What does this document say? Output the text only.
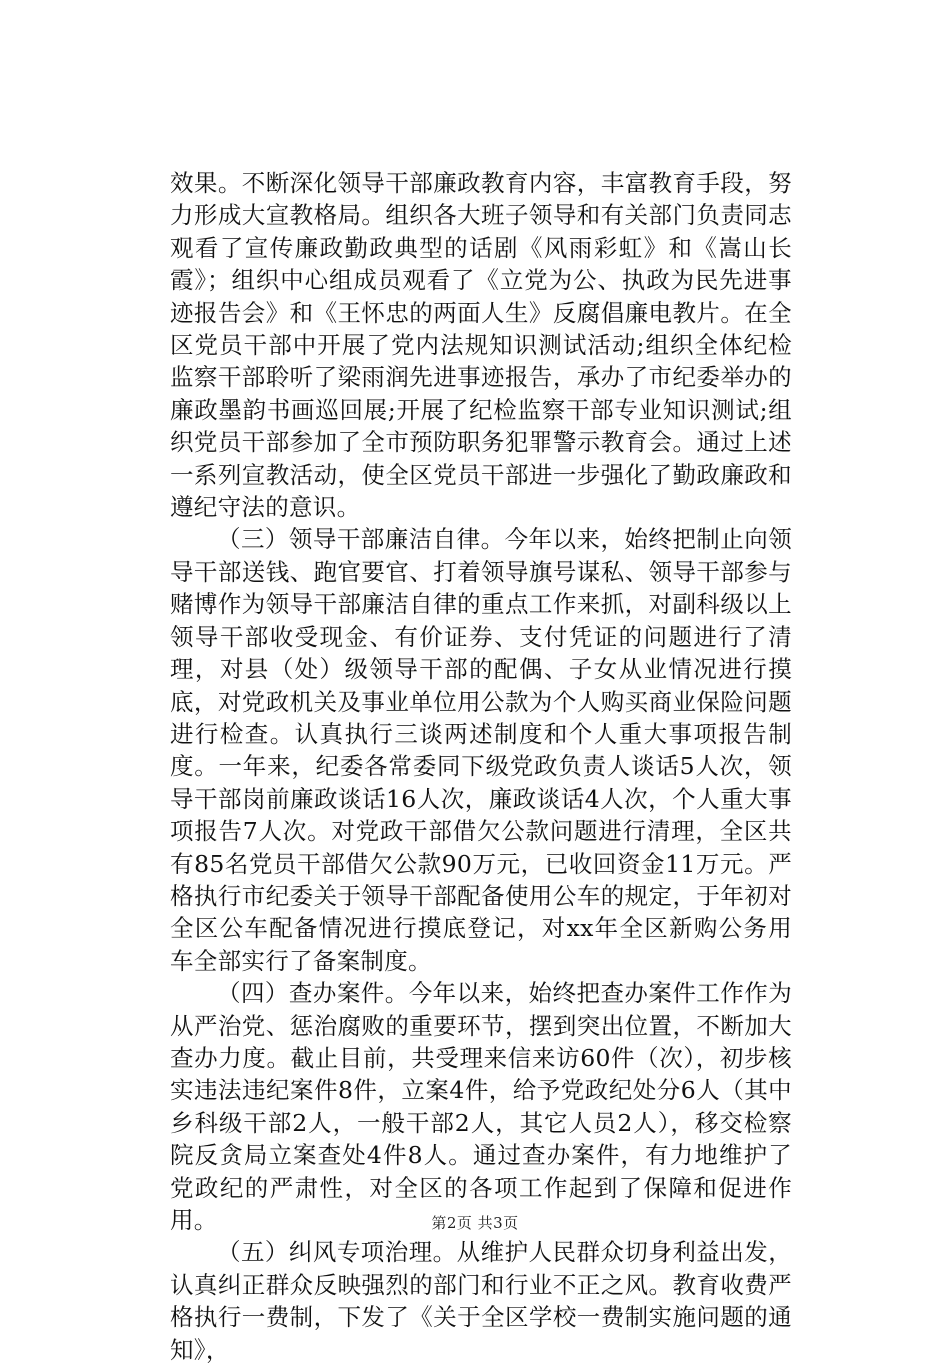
效果。不断深化领导干部廉政教育内容，丰富教育手段，努力形成大宣教格局。组织各大班子领导和有关部门负责同志观看了宣传廉政勤政典型的话剧《风雨彩虹》和《嵩山长霞》；组织中心组成员观看了《立党为公、执政为民先进事迹报告会》和《王怀忠的两面人生》反腐倡廉电教片。在全区党员干部中开展了党内法规知识测试活动;组织全体纪检监察干部聆听了梁雨润先进事迹报告，承办了市纪委举办的廉政墨韵书画巡回展;开展了纪检监察干部专业知识测试;组织党员干部参加了全市预防职务犯罪警示教育会。通过上述一系列宣教活动，使全区党员干部进一步强化了勤政廉政和遵纪守法的意识。

（三）领导干部廉洁自律。今年以来，始终把制止向领导干部送钱、跑官要官、打着领导旗号谋私、领导干部参与赌博作为领导干部廉洁自律的重点工作来抓，对副科级以上领导干部收受现金、有价证券、支付凭证的问题进行了清理，对县（处）级领导干部的配偶、子女从业情况进行摸底，对党政机关及事业单位用公款为个人购买商业保险问题进行检查。认真执行三谈两述制度和个人重大事项报告制度。一年来，纪委各常委同下级党政负责人谈话5人次，领导干部岗前廉政谈话16人次，廉政谈话4人次，个人重大事项报告7人次。对党政干部借欠公款问题进行清理，全区共有85名党员干部借欠公款90万元，已收回资金11万元。严格执行市纪委关于领导干部配备使用公车的规定，于年初对全区公车配备情况进行摸底登记，对xx年全区新购公务用车全部实行了备案制度。

（四）查办案件。今年以来，始终把查办案件工作作为从严治党、惩治腐败的重要环节，摆到突出位置，不断加大查办力度。截止目前，共受理来信来访60件（次），初步核实违法违纪案件8件，立案4件，给予党政纪处分6人（其中乡科级干部2人，一般干部2人，其它人员2人），移交检察院反贪局立案查处4件8人。通过查办案件，有力地维护了党政纪的严肃性，对全区的各项工作起到了保障和促进作用。

（五）纠风专项治理。从维护人民群众切身利益出发，认真纠正群众反映强烈的部门和行业不正之风。教育收费严格执行一费制，下发了《关于全区学校一费制实施问题的通知》，

第2页 共3页
